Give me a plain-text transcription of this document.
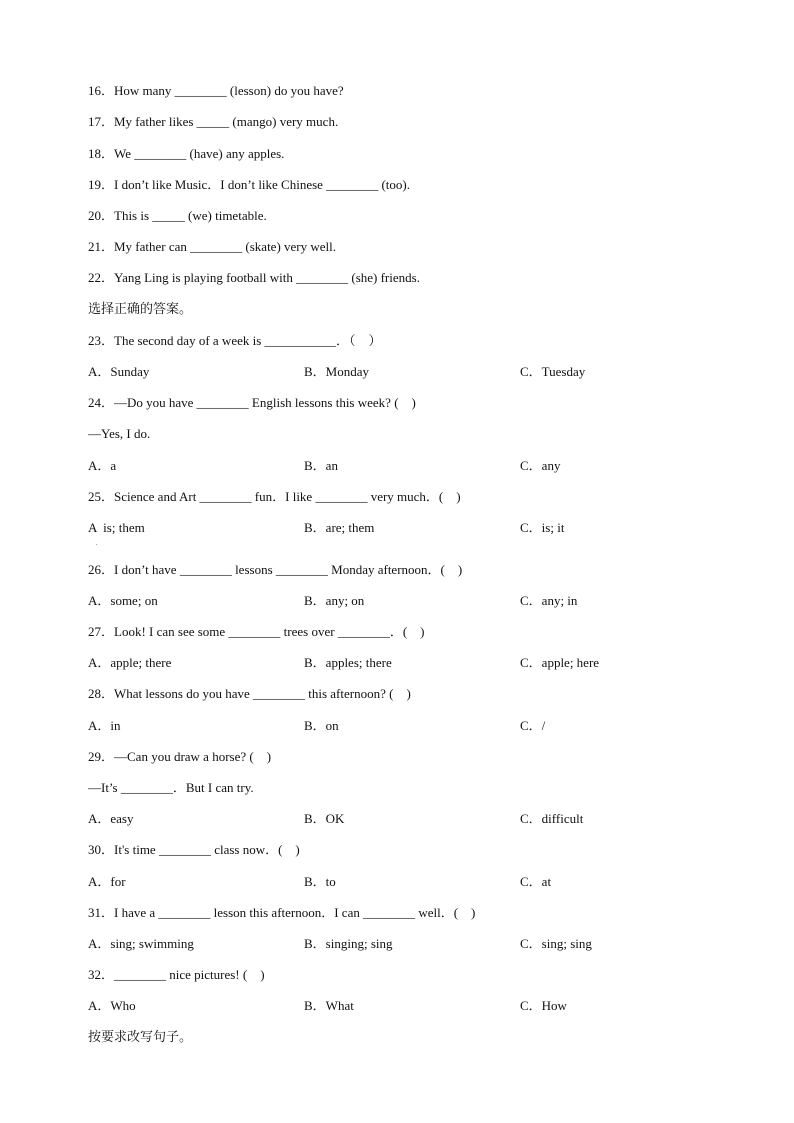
16．How many ________ (lesson) do you have?
17．My father likes _____ (mango) very much.
18．We ________ (have) any apples.
19．I don’t like Music．I don’t like Chinese ________ (too).
20．This is _____ (we) timetable.
21．My father can ________ (skate) very well.
22．Yang Ling is playing football with ________ (she) friends.
选择正确的答案。
23．The second day of a week is ___________．（　）
A．Sunday	B．Monday	C．Tuesday
24．—Do you have ________ English lessons this week? (　)
—Yes, I do.
A．a	B．an	C．any
25．Science and Art ________ fun．I like ________ very much．(　)
A  is; them
.
B．are; them	C．is; it
26．I don’t have ________ lessons ________ Monday afternoon．(　)
A．some; on	B．any; on	C．any; in
27．Look! I can see some ________ trees over ________．(　)
A．apple; there	B．apples; there	C．apple; here
28．What lessons do you have ________ this afternoon? (　)
A．in	B．on	C．/
29．—Can you draw a horse? (　)
—It’s ________．But I can try.
A．easy	B．OK	C．difficult
30．It's time ________ class now．(　)
A．for	B．to	C．at
31．I have a ________ lesson this afternoon．I can ________ well．(　)
A．sing; swimming	B．singing; sing	C．sing; sing
32．________ nice pictures! (　)
A．Who	B．What	C．How
按要求改写句子。
